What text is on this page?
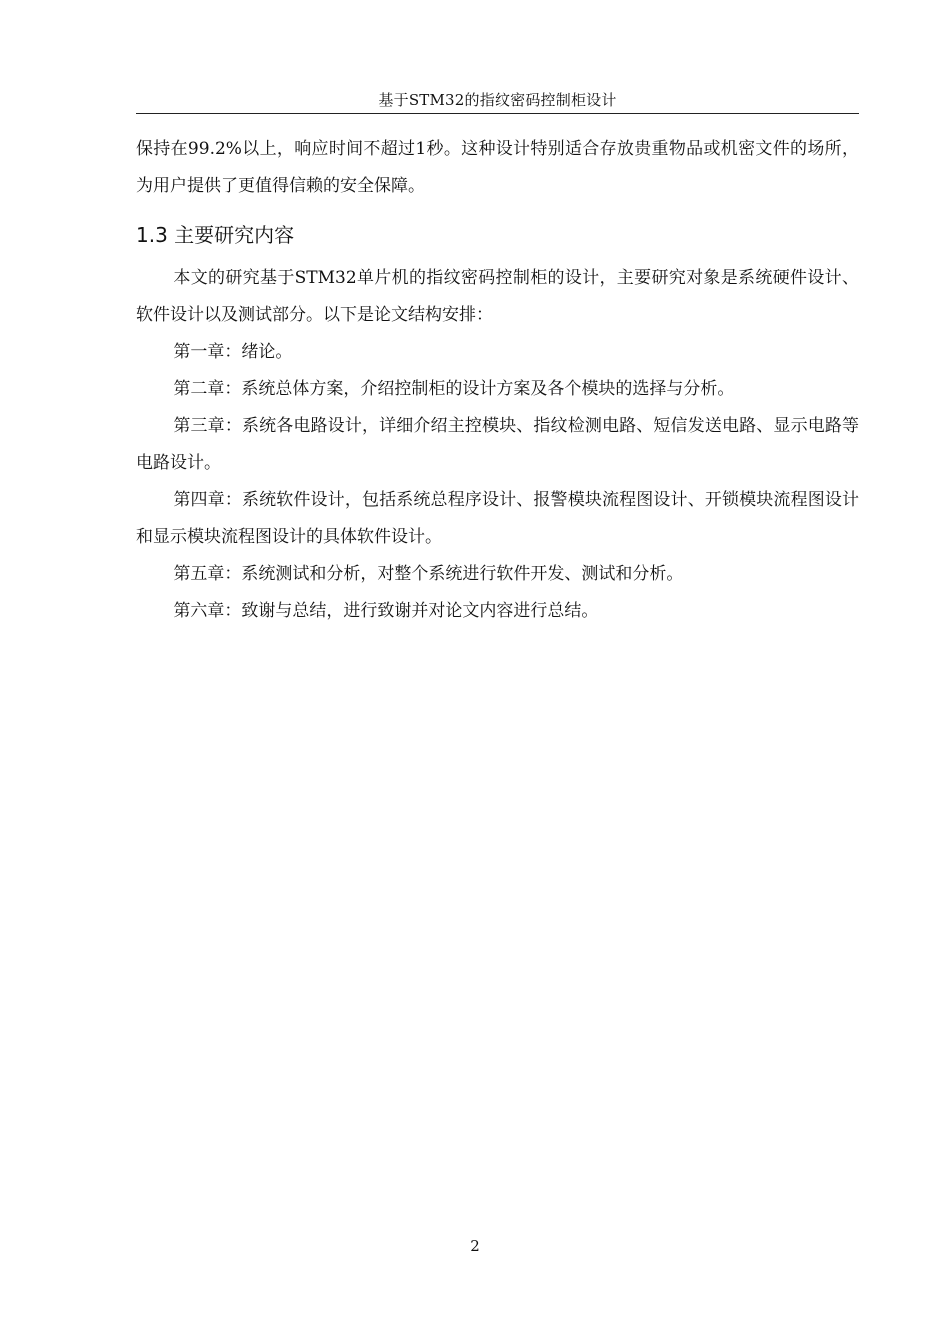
基于STM32的指纹密码控制柜设计

保持在99.2%以上，响应时间不超过1秒。这种设计特别适合存放贵重物品或机密文件的场所，为用户提供了更值得信赖的安全保障。

1.3 主要研究内容

本文的研究基于STM32单片机的指纹密码控制柜的设计，主要研究对象是系统硬件设计、软件设计以及测试部分。以下是论文结构安排：

第一章：绪论。

第二章：系统总体方案，介绍控制柜的设计方案及各个模块的选择与分析。

第三章：系统各电路设计，详细介绍主控模块、指纹检测电路、短信发送电路、显示电路等电路设计。

第四章：系统软件设计，包括系统总程序设计、报警模块流程图设计、开锁模块流程图设计和显示模块流程图设计的具体软件设计。

第五章：系统测试和分析，对整个系统进行软件开发、测试和分析。

第六章：致谢与总结，进行致谢并对论文内容进行总结。

2
